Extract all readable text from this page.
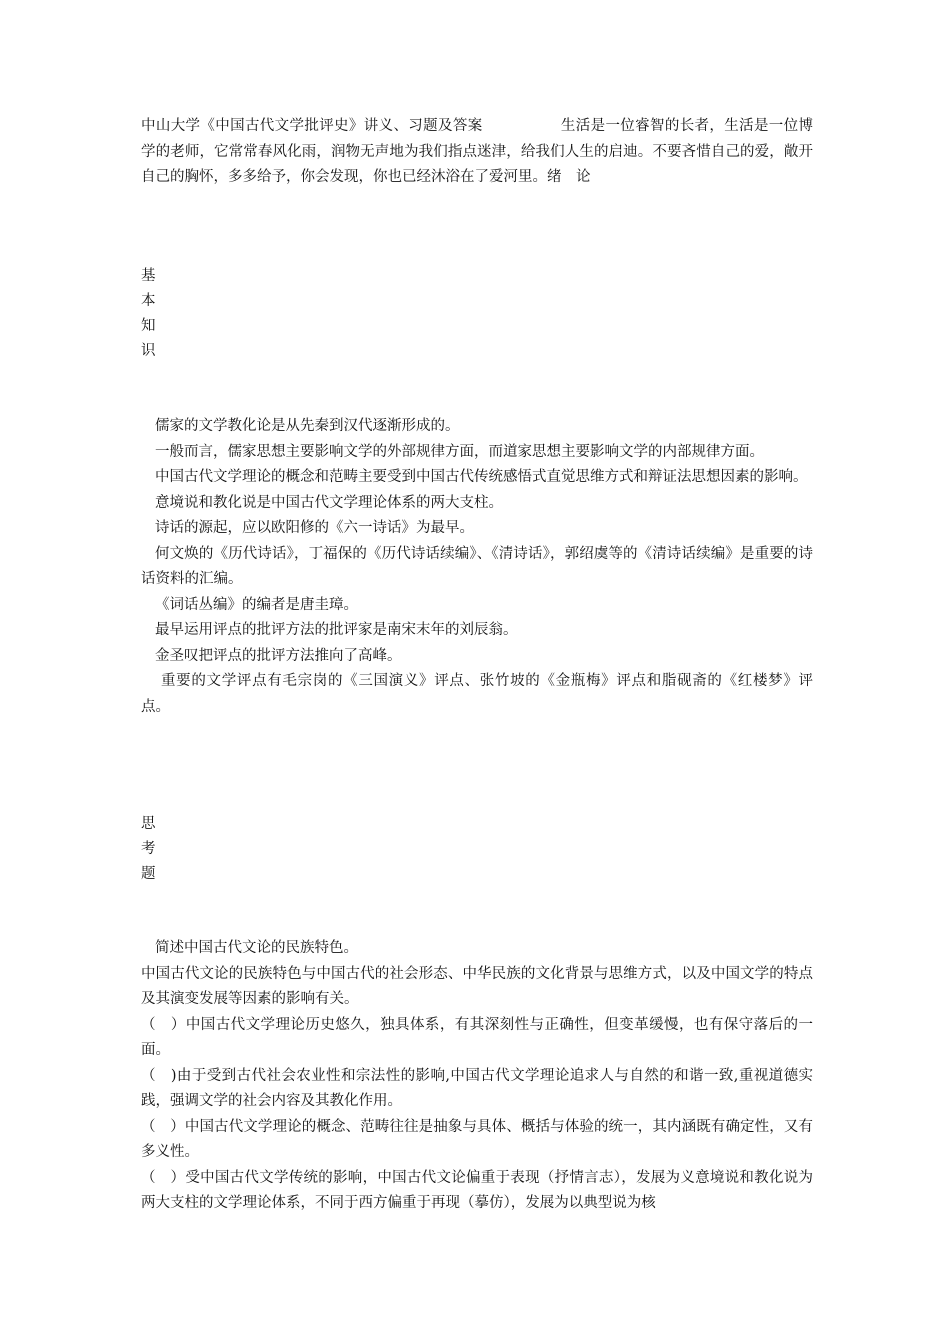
中山大学《中国古代文学批评史》讲义、习题及答案	生活是一位睿智的长者，生活是一位博学的老师，它常常春风化雨，润物无声地为我们指点迷津，给我们人生的启迪。不要吝惜自己的爱，敞开自己的胸怀，多多给予，你会发现，你也已经沐浴在了爱河里。绪　论
基
本
知
识

儒家的文学教化论是从先秦到汉代逐渐形成的。

一般而言，儒家思想主要影响文学的外部规律方面，而道家思想主要影响文学的内部规律方面。

中国古代文学理论的概念和范畴主要受到中国古代传统感悟式直觉思维方式和辩证法思想因素的影响。

意境说和教化说是中国古代文学理论体系的两大支柱。

诗话的源起，应以欧阳修的《六一诗话》为最早。

何文焕的《历代诗话》，丁福保的《历代诗话续编》、《清诗话》，郭绍虞等的《清诗话续编》是重要的诗话资料的汇编。

《词话丛编》的编者是唐圭璋。

最早运用评点的批评方法的批评家是南宋末年的刘辰翁。

金圣叹把评点的批评方法推向了高峰。

重要的文学评点有毛宗岗的《三国演义》评点、张竹坡的《金瓶梅》评点和脂砚斋的《红楼梦》评点。

思
考
题

简述中国古代文论的民族特色。

中国古代文论的民族特色与中国古代的社会形态、中华民族的文化背景与思维方式，以及中国文学的特点及其演变发展等因素的影响有关。

（　）中国古代文学理论历史悠久，独具体系，有其深刻性与正确性，但变革缓慢，也有保守落后的一面。

（　)由于受到古代社会农业性和宗法性的影响,中国古代文学理论追求人与自然的和谐一致,重视道德实践，强调文学的社会内容及其教化作用。

（　）中国古代文学理论的概念、范畴往往是抽象与具体、概括与体验的统一，其内涵既有确定性，又有多义性。

（　）受中国古代文学传统的影响，中国古代文论偏重于表现（抒情言志），发展为义意境说和教化说为两大支柱的文学理论体系，不同于西方偏重于再现（摹仿），发展为以典型说为核
